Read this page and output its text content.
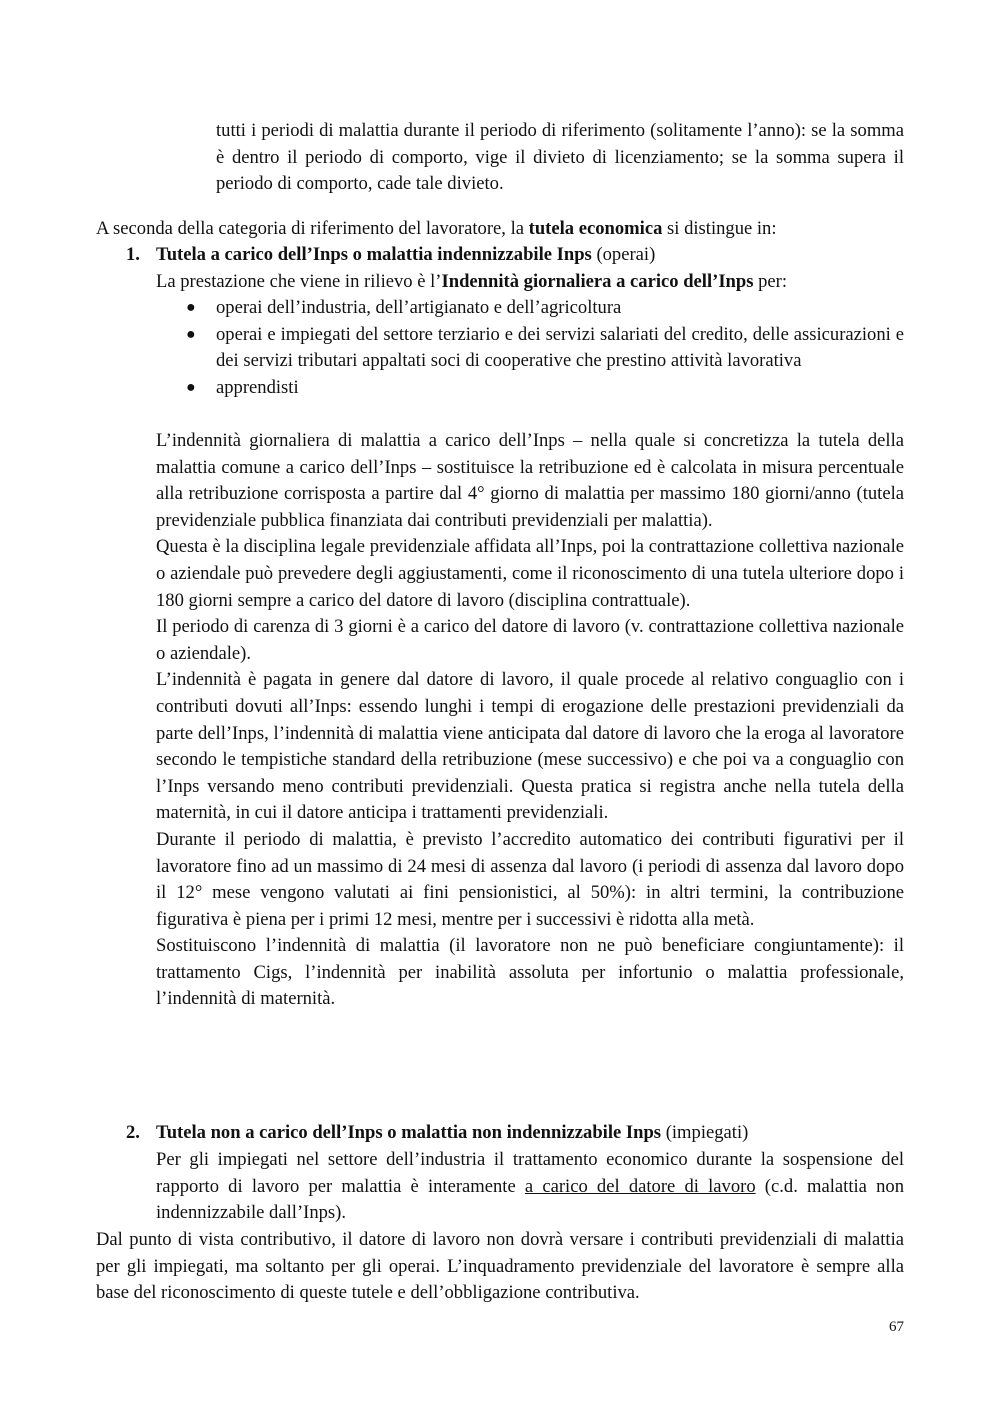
tutti i periodi di malattia durante il periodo di riferimento (solitamente l’anno): se la somma è dentro il periodo di comporto, vige il divieto di licenziamento; se la somma supera il periodo di comporto, cade tale divieto.

A seconda della categoria di riferimento del lavoratore, la tutela economica si distingue in:

1. Tutela a carico dell’Inps o malattia indennizzabile Inps (operai)

La prestazione che viene in rilievo è l’Indennità giornaliera a carico dell’Inps per:

●	operai dell’industria, dell’artigianato e dell’agricoltura
●	operai e impiegati del settore terziario e dei servizi salariati del credito, delle assicurazioni e dei servizi tributari appaltati soci di cooperative che prestino attività lavorativa
●	apprendisti

L’indennità giornaliera di malattia a carico dell’Inps – nella quale si concretizza la tutela della malattia comune a carico dell’Inps – sostituisce la retribuzione ed è calcolata in misura percentuale alla retribuzione corrisposta a partire dal 4° giorno di malattia per massimo 180 giorni/anno (tutela previdenziale pubblica finanziata dai contributi previdenziali per malattia).

Questa è la disciplina legale previdenziale affidata all’Inps, poi la contrattazione collettiva nazionale o aziendale può prevedere degli aggiustamenti, come il riconoscimento di una tutela ulteriore dopo i 180 giorni sempre a carico del datore di lavoro (disciplina contrattuale).

Il periodo di carenza di 3 giorni è a carico del datore di lavoro (v. contrattazione collettiva nazionale o aziendale).

L’indennità è pagata in genere dal datore di lavoro, il quale procede al relativo conguaglio con i contributi dovuti all’Inps: essendo lunghi i tempi di erogazione delle prestazioni previdenziali da parte dell’Inps, l’indennità di malattia viene anticipata dal datore di lavoro che la eroga al lavoratore secondo le tempistiche standard della retribuzione (mese successivo) e che poi va a conguaglio con l’Inps versando meno contributi previdenziali. Questa pratica si registra anche nella tutela della maternità, in cui il datore anticipa i trattamenti previdenziali.

Durante il periodo di malattia, è previsto l’accredito automatico dei contributi figurativi per il lavoratore fino ad un massimo di 24 mesi di assenza dal lavoro (i periodi di assenza dal lavoro dopo il 12° mese vengono valutati ai fini pensionistici, al 50%): in altri termini, la contribuzione figurativa è piena per i primi 12 mesi, mentre per i successivi è ridotta alla metà.

Sostituiscono l’indennità di malattia (il lavoratore non ne può beneficiare congiuntamente): il trattamento Cigs, l’indennità per inabilità assoluta per infortunio o malattia professionale, l’indennità di maternità.

2. Tutela non a carico dell’Inps o malattia non indennizzabile Inps (impiegati)

Per gli impiegati nel settore dell’industria il trattamento economico durante la sospensione del rapporto di lavoro per malattia è interamente a carico del datore di lavoro (c.d. malattia non indennizzabile dall’Inps).

Dal punto di vista contributivo, il datore di lavoro non dovrà versare i contributi previdenziali di malattia per gli impiegati, ma soltanto per gli operai. L’inquadramento previdenziale del lavoratore è sempre alla base del riconoscimento di queste tutele e dell’obbligazione contributiva.

67
